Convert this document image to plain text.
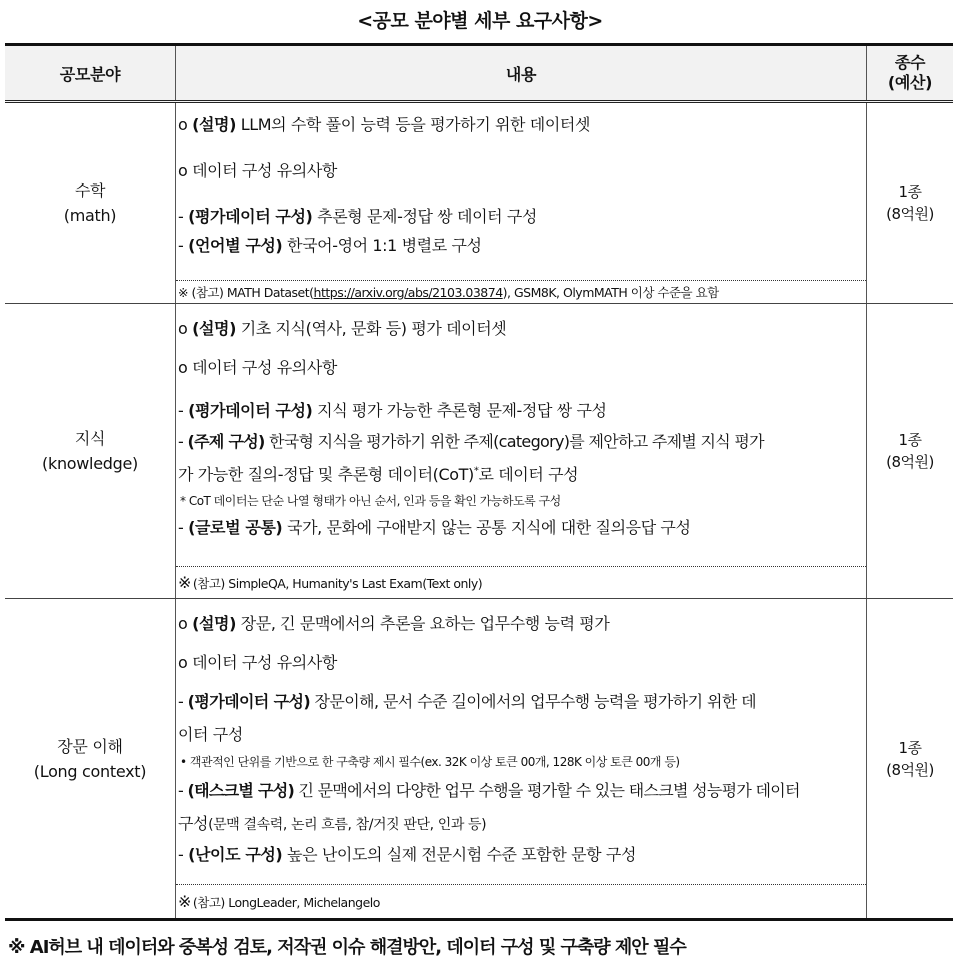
<공모 분야별 세부 요구사항>
공모분야	내용
종수
(예산)
수학
(math)
o (설명) LLM의 수학 풀이 능력 등을 평가하기 위한 데이터셋
o 데이터 구성 유의사항
- (평가데이터 구성) 추론형 문제-정답 쌍 데이터 구성
- (언어별 구성) 한국어-영어 1:1 병렬로 구성
※ (참고) MATH Dataset( https://arxiv.org/abs/2103.03874 ), GSM8K, OlymMATH 이상 수준을 요함
1종
(8억원)
지식
(knowledge)
o (설명) 기초 지식(역사, 문화 등) 평가 데이터셋
o 데이터 구성 유의사항
- (평가데이터 구성) 지식 평가 가능한 추론형 문제-정답 쌍 구성
- (주제 구성) 한국형 지식을 평가하기 위한 주제(category)를 제안하고 주제별 지식 평가
가 가능한 질의-정답 및 추론형 데이터(CoT)*로 데이터 구성
* CoT 데이터는 단순 나열 형태가 아닌 순서, 인과 등을 확인 가능하도록 구성
- (글로벌 공통) 국가, 문화에 구애받지 않는 공통 지식에 대한 질의응답 구성
※ (참고) SimpleQA, Humanity's Last Exam(Text only)
1종
(8억원)
장문 이해
(Long context)
o (설명) 장문, 긴 문맥에서의 추론을 요하는 업무수행 능력 평가
o 데이터 구성 유의사항
- (평가데이터 구성) 장문이해, 문서 수준 길이에서의 업무수행 능력을 평가하기 위한 데
이터 구성
• 객관적인 단위를 기반으로 한 구축량 제시 필수(ex. 32K 이상 토큰 00개, 128K 이상 토큰 00개 등)
- (태스크별 구성) 긴 문맥에서의 다양한 업무 수행을 평가할 수 있는 태스크별 성능평가 데이터
구성(문맥 결속력, 논리 흐름, 참/거짓 판단, 인과 등)
- (난이도 구성) 높은 난이도의 실제 전문시험 수준 포함한 문항 구성
※ (참고) LongLeader, Michelangelo
1종
(8억원)
※ AI허브 내 데이터와 중복성 검토, 저작권 이슈 해결방안, 데이터 구성 및 구축량 제안 필수
